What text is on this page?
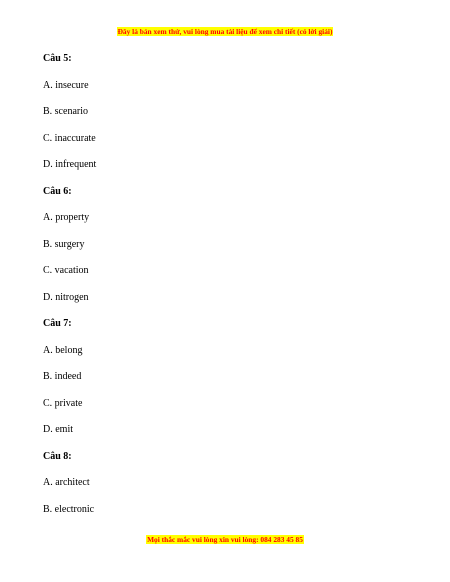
Đây là bản xem thử, vui lòng mua tài liệu để xem chi tiết (có lời giải)
Câu 5:
A. insecure
B. scenario
C. inaccurate
D. infrequent
Câu 6:
A. property
B. surgery
C. vacation
D. nitrogen
Câu 7:
A. belong
B. indeed
C. private
D. emit
Câu 8:
A. architect
B. electronic
Mọi thắc mắc vui lòng xin vui lòng: 084 283 45 85
